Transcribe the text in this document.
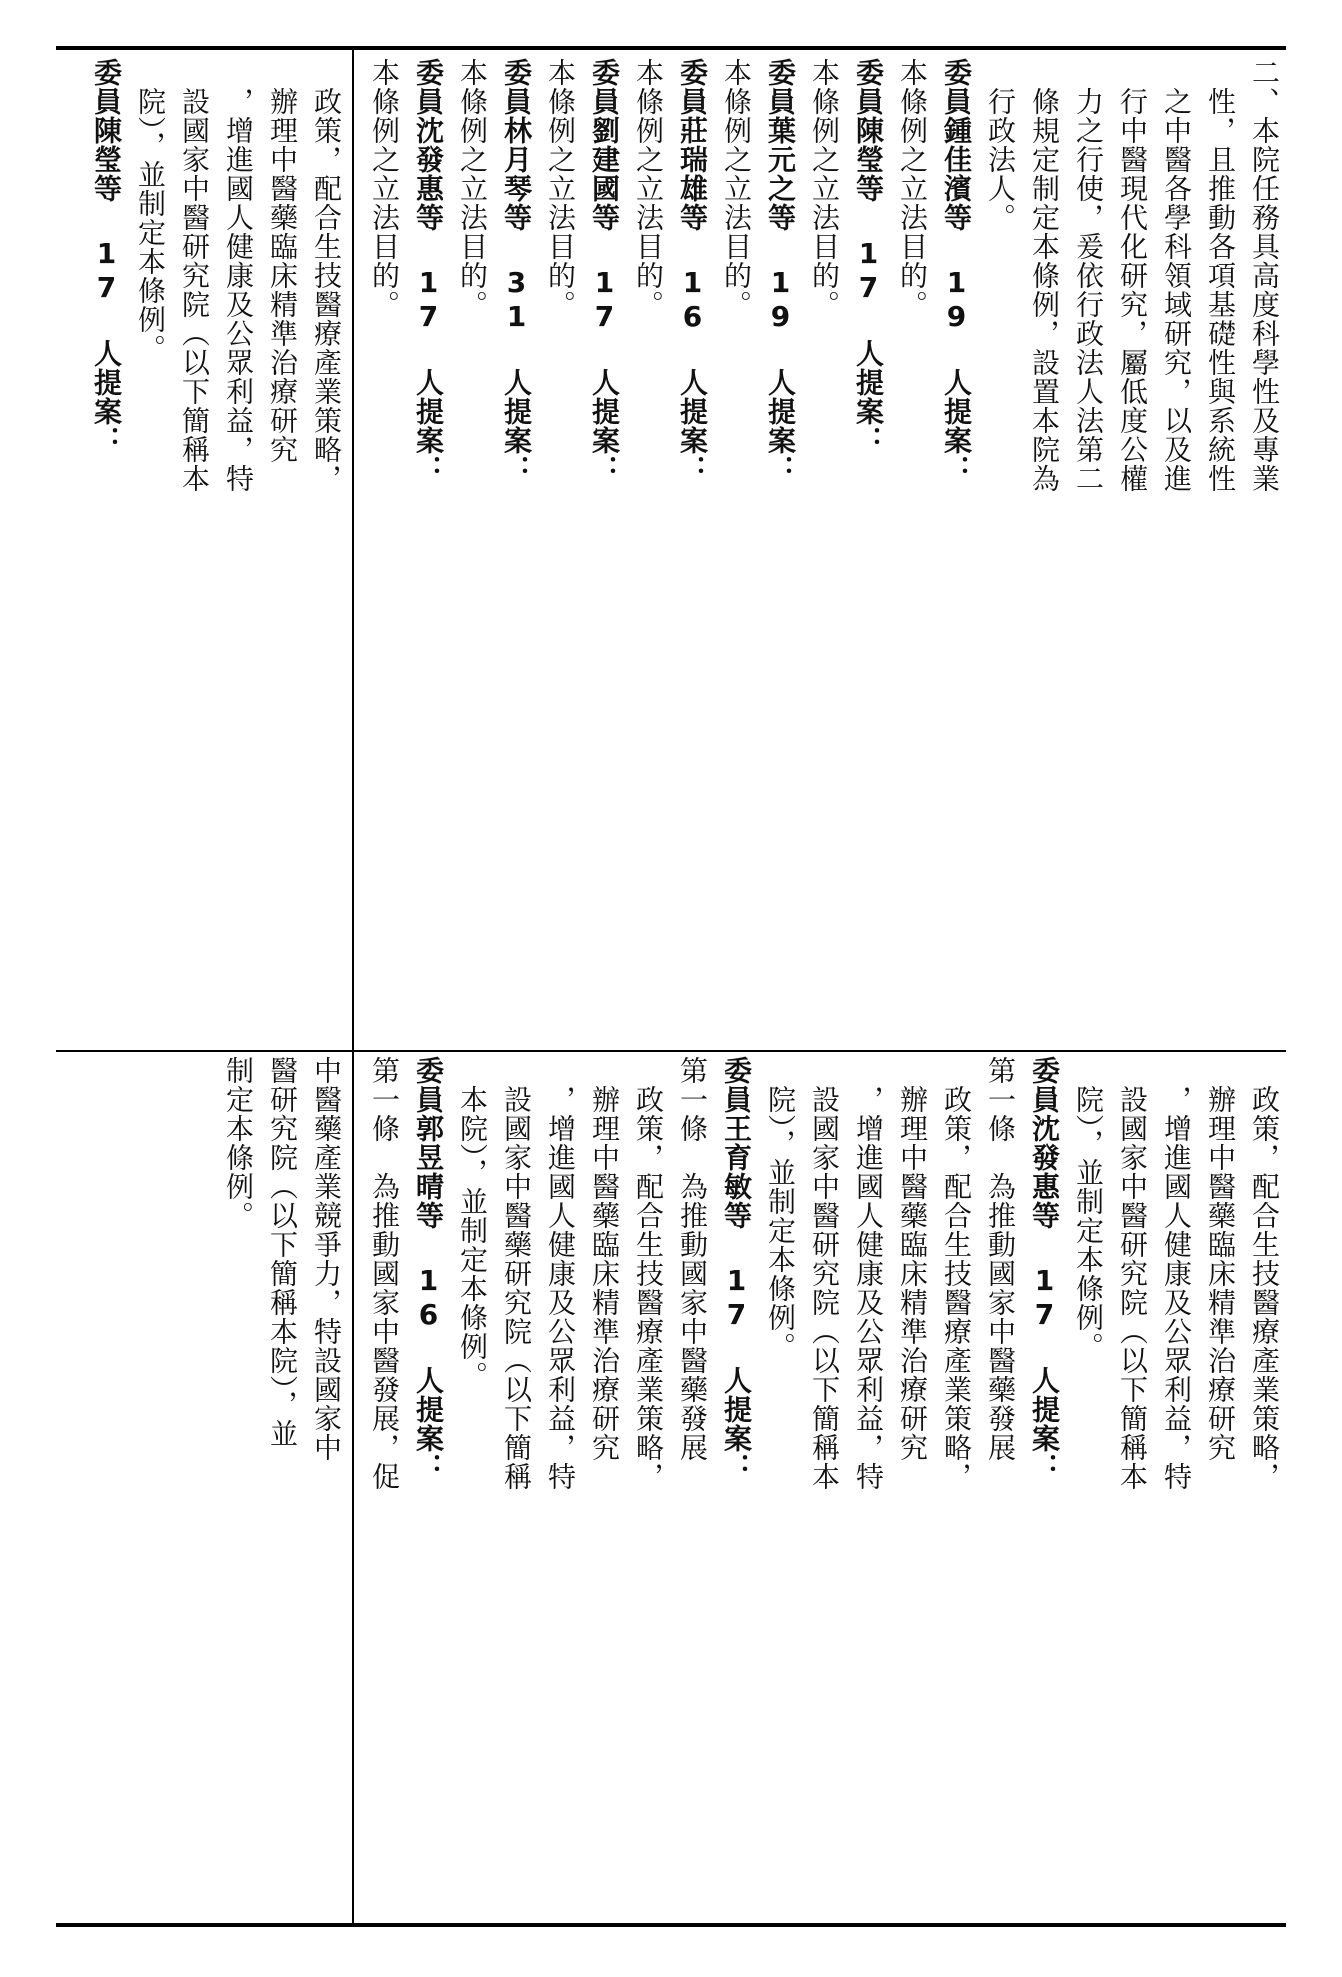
二、本院任務具高度科學性及專業
　性，且推動各項基礎性與系統性
　之中醫各學科領域研究，以及進
　行中醫現代化研究，屬低度公權
　力之行使，爰依行政法人法第二
　條規定制定本條例，設置本院為
　行政法人。
委員鍾佳濱等 19 人提案：
本條例之立法目的。
委員陳瑩等 17 人提案：
本條例之立法目的。
委員葉元之等 19 人提案：
本條例之立法目的。
委員莊瑞雄等 16 人提案：
本條例之立法目的。
委員劉建國等 17 人提案：
本條例之立法目的。
委員林月琴等 31 人提案：
本條例之立法目的。
委員沈發惠等 17 人提案：
本條例之立法目的。
　政策，配合生技醫療產業策略，
　辦理中醫藥臨床精準治療研究
　，增進國人健康及公眾利益，特
　設國家中醫研究院（以下簡稱本
　院），並制定本條例。
委員沈發惠等 17 人提案：
第一條　為推動國家中醫藥發展
　政策，配合生技醫療產業策略，
　辦理中醫藥臨床精準治療研究
　，增進國人健康及公眾利益，特
　設國家中醫研究院（以下簡稱本
　院），並制定本條例。
委員王育敏等 17 人提案：
第一條　為推動國家中醫藥發展
　政策，配合生技醫療產業策略，
　辦理中醫藥臨床精準治療研究
　，增進國人健康及公眾利益，特
　設國家中醫藥研究院（以下簡稱
　本院），並制定本條例。
委員郭昱晴等 16 人提案：
第一條　為推動國家中醫發展，促
　政策，配合生技醫療產業策略，
　辦理中醫藥臨床精準治療研究
　，增進國人健康及公眾利益，特
　設國家中醫研究院（以下簡稱本
　院），並制定本條例。
委員陳瑩等 17 人提案：
中醫藥產業競爭力，特設國家中
醫研究院（以下簡稱本院），並
制定本條例。
